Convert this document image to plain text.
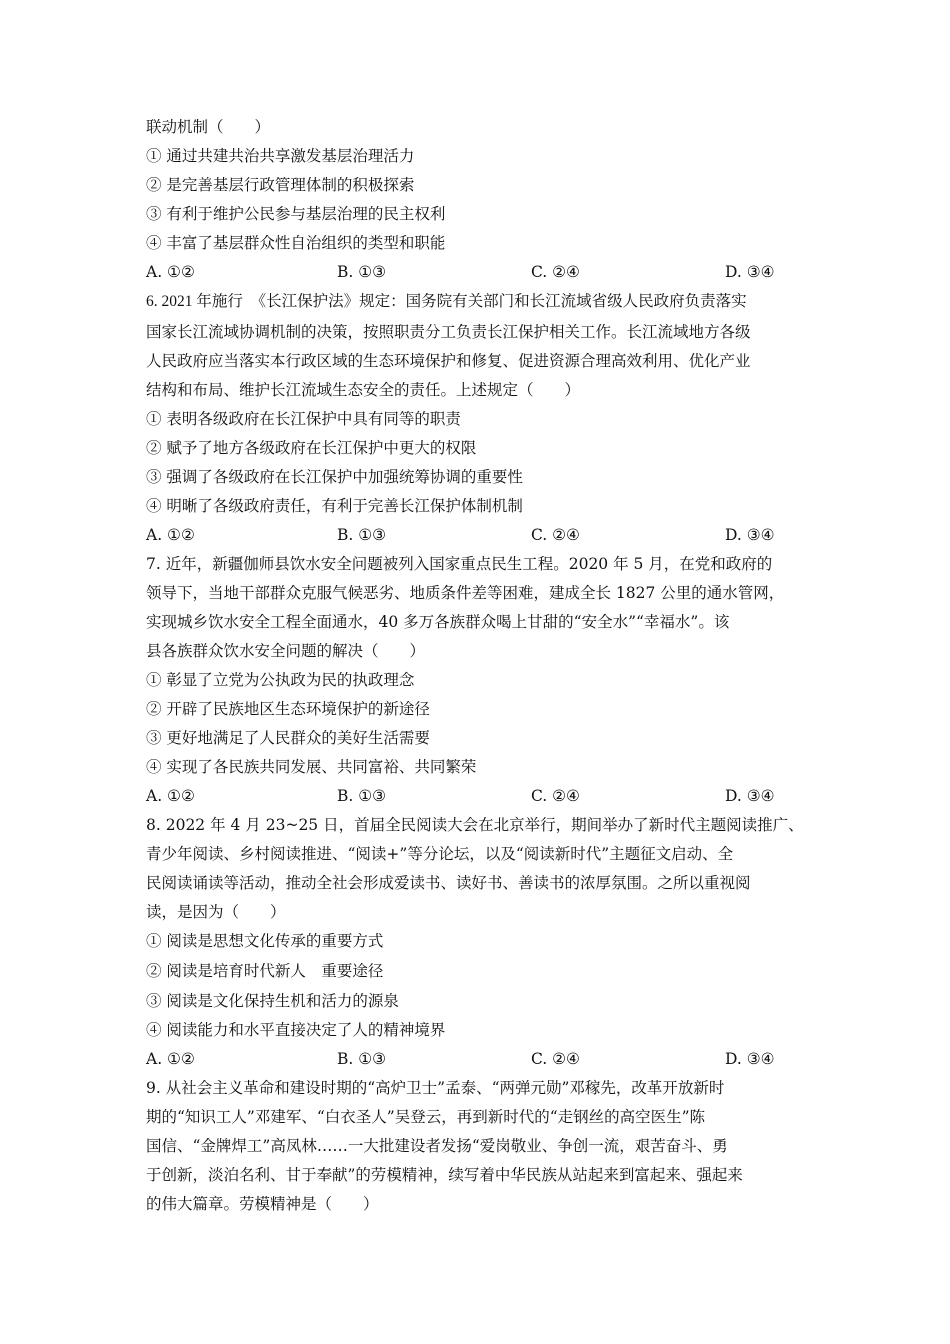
联动机制（　　）
① 通过共建共治共享激发基层治理活力
② 是完善基层行政管理体制的积极探索
③ 有利于维护公民参与基层治理的民主权利
④ 丰富了基层群众性自治组织的类型和职能
A. ①②	B. ①③	C. ②④	D. ③④
6. 2021 年施行　《长江保护法》规定：国务院有关部门和长江流域省级人民政府负责落实
国家长江流域协调机制的决策，按照职责分工负责长江保护相关工作。长江流域地方各级
人民政府应当落实本行政区域的生态环境保护和修复、促进资源合理高效利用、优化产业
结构和布局、维护长江流域生态安全的责任。上述规定（　　）
① 表明各级政府在长江保护中具有同等的职责
② 赋予了地方各级政府在长江保护中更大的权限
③ 强调了各级政府在长江保护中加强统筹协调的重要性
④ 明晰了各级政府责任，有利于完善长江保护体制机制
A. ①②	B. ①③	C. ②④	D. ③④
7. 近年，新疆伽师县饮水安全问题被列入国家重点民生工程。2020 年 5 月，在党和政府的
领导下，当地干部群众克服气候恶劣、地质条件差等困难，建成全长 1827 公里的通水管网，
实现城乡饮水安全工程全面通水，40 多万各族群众喝上甘甜的“安全水”“幸福水”。该
县各族群众饮水安全问题的解决（　　）
① 彰显了立党为公执政为民的执政理念
② 开辟了民族地区生态环境保护的新途径
③ 更好地满足了人民群众的美好生活需要
④ 实现了各民族共同发展、共同富裕、共同繁荣
A. ①②	B. ①③	C. ②④	D. ③④
8. 2022 年 4 月 23~25 日，首届全民阅读大会在北京举行，期间举办了新时代主题阅读推广、
青少年阅读、乡村阅读推进、“阅读+”等分论坛，以及“阅读新时代”主题征文启动、全
民阅读诵读等活动，推动全社会形成爱读书、读好书、善读书的浓厚氛围。之所以重视阅
读，是因为（　　）
① 阅读是思想文化传承的重要方式
② 阅读是培育时代新人　重要途径
③ 阅读是文化保持生机和活力的源泉
④ 阅读能力和水平直接决定了人的精神境界
A. ①②	B. ①③	C. ②④	D. ③④
9. 从社会主义革命和建设时期的“高炉卫士”孟泰、“两弹元勋”邓稼先，改革开放新时
期的“知识工人”邓建军、“白衣圣人”吴登云，再到新时代的“走钢丝的高空医生”陈
国信、“金牌焊工”高凤林……一大批建设者发扬“爱岗敬业、争创一流，艰苦奋斗、勇
于创新，淡泊名利、甘于奉献”的劳模精神，续写着中华民族从站起来到富起来、强起来
的伟大篇章。劳模精神是（　　）
